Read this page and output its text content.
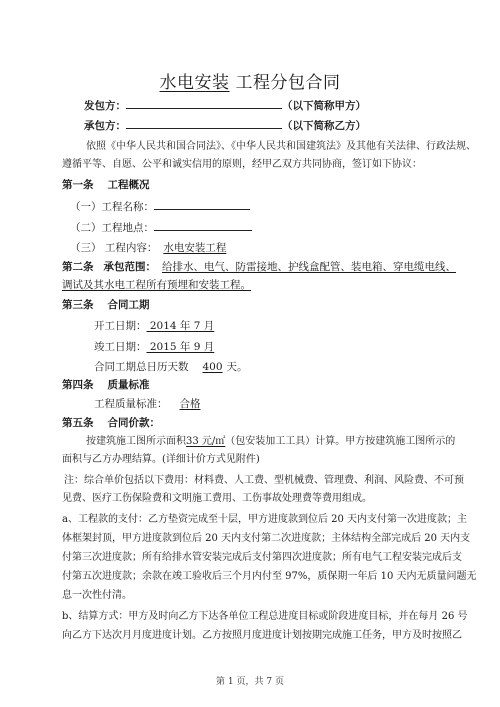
水电安装 工程分包合同
发包方：	（以下简称甲方）
承包方：	（以下简称乙方）
依照《中华人民共和国合同法》、《中华人民共和国建筑法》及其他有关法律、行政法规、
遵循平等、自愿、公平和诚实信用的原则，经甲乙双方共同协商，签订如下协议：
第一条 工程概况
（一）工程名称：
（二）工程地点：
（三） 工程内容： 水电安装工程
第二条 承包范围： 给排水、电气、防雷接地、护线盒配管、装电箱、穿电缆电线、
调试及其水电工程所有预埋和安装工程。
第三条 合同工期
开工日期： 2014 年 7 月
竣工日期： 2015 年 9 月
合同工期总日历天数 400 天。
第四条 质量标准
工程质量标准： 合格
第五条 合同价款：
按建筑施工图所示面积33 元/㎡（包安装加工工具）计算。甲方按建筑施工图所示的
面积与乙方办理结算。(详细计价方式见附件)
注：综合单价包括以下费用：材料费、人工费、型机械费、管理费、利润、风险费、不可预
见费、医疗工伤保险费和文明施工费用、工伤事故处理费等费用组成。
a、工程款的支付：乙方垫资完成至十层，甲方进度款到位后 20 天内支付第一次进度款；主
体框架封顶，甲方进度款到位后 20 天内支付第二次进度款；主体结构全部完成后 20 天内支
付第三次进度款；所有给排水管安装完成后支付第四次进度款；所有电气工程安装完成后支
付第五次进度款；余款在竣工验收后三个月内付至 97%，质保期一年后 10 天内无质量问题无
息一次性付清。
b、结算方式：甲方及时向乙方下达各单位工程总进度目标或阶段进度目标，并在每月 26 号
向乙方下达次月月度进度计划。乙方按照月度进度计划按期完成施工任务，甲方及时按照乙
第 1 页，共 7 页
